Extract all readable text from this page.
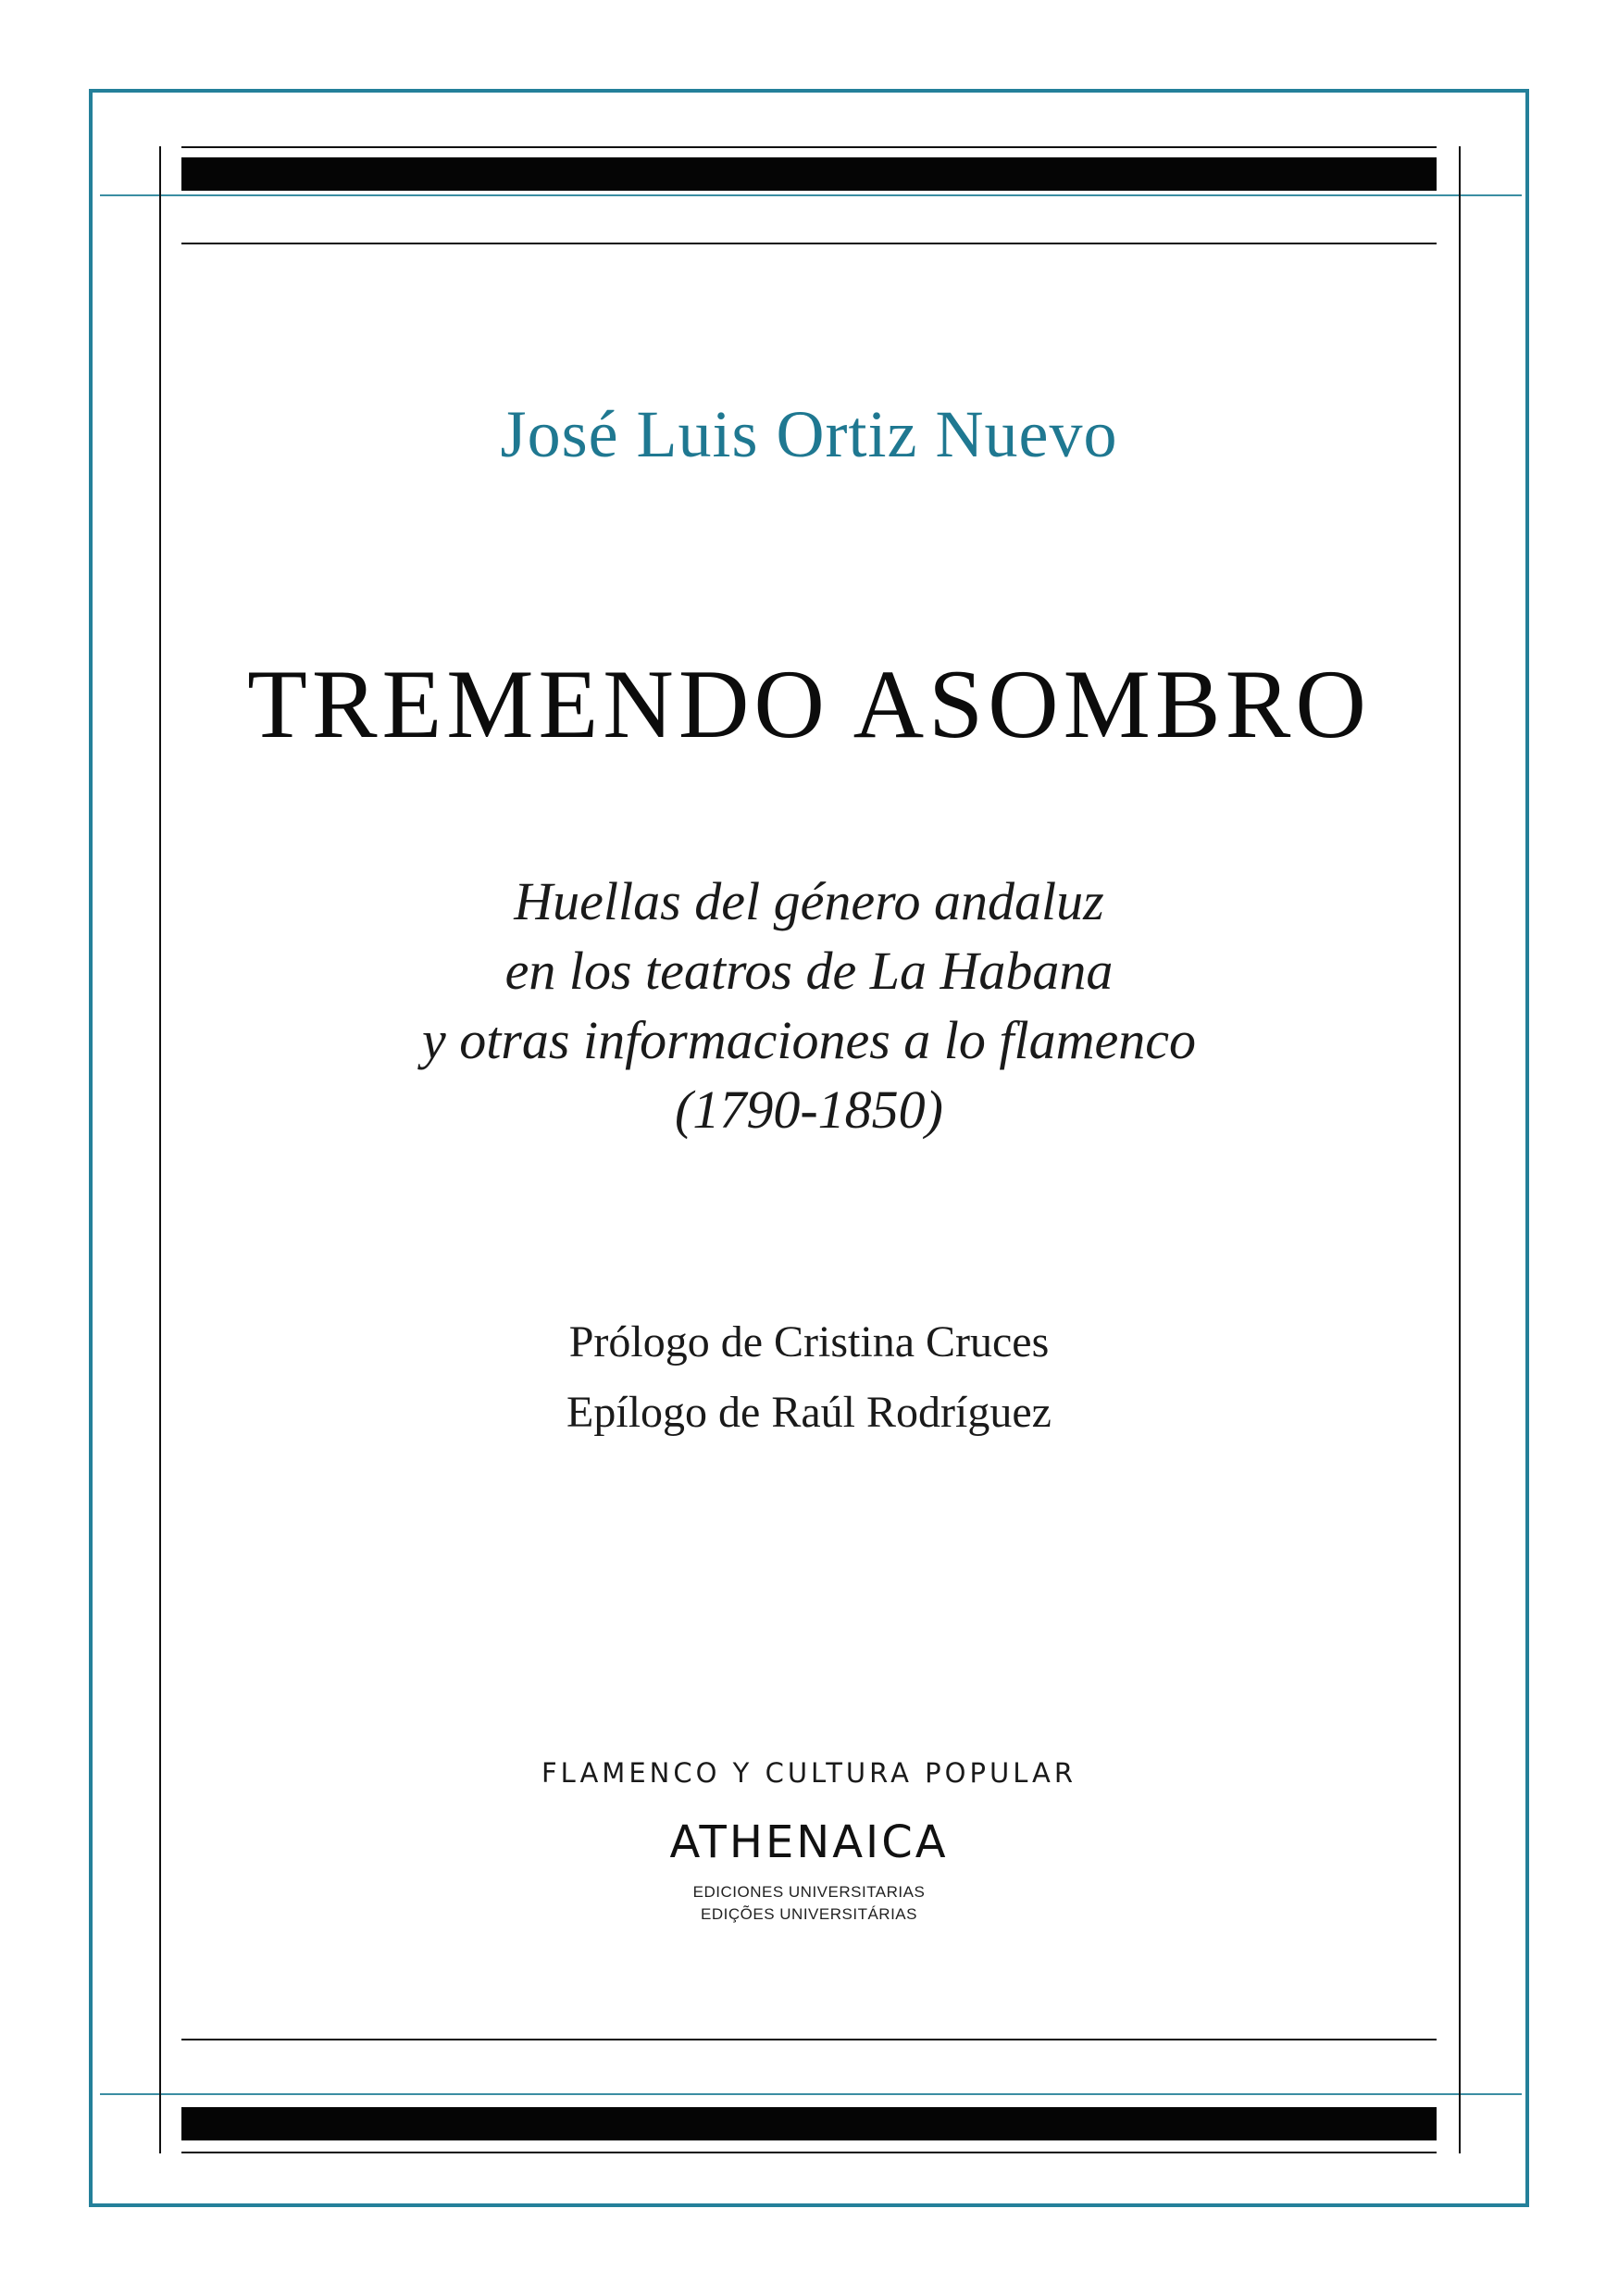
José Luis Ortiz Nuevo
TREMENDO ASOMBRO
Huellas del género andaluz
en los teatros de La Habana
y otras informaciones a lo flamenco
(1790-1850)
Prólogo de Cristina Cruces
Epílogo de Raúl Rodríguez
FLAMENCO Y CULTURA POPULAR
ATHENAICA
EDICIONES UNIVERSITARIAS
EDIÇÕES UNIVERSITÁRIAS
